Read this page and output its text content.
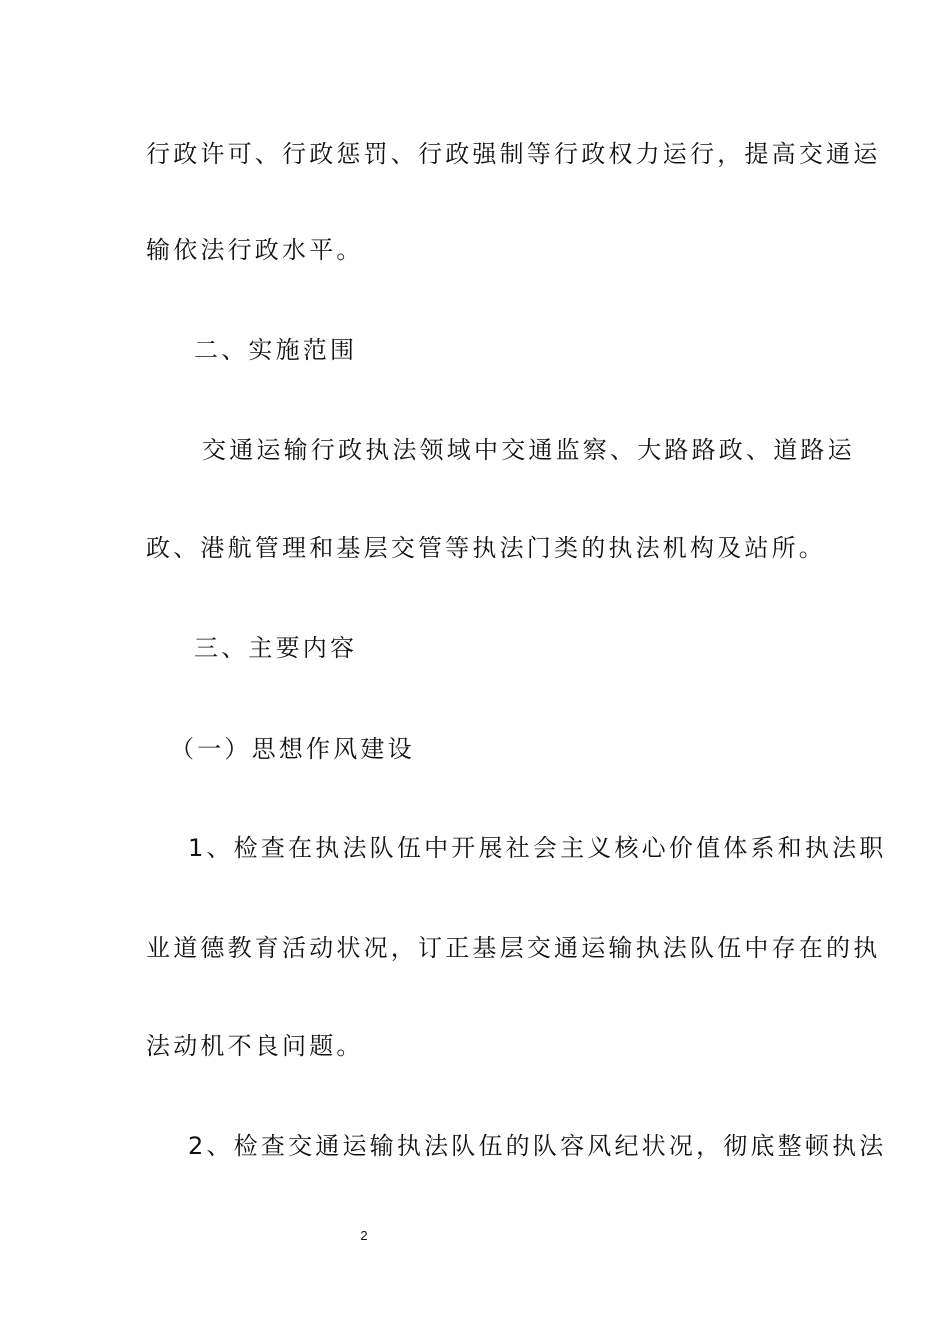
行政许可、行政惩罚、行政强制等行政权力运行，提高交通运
输依法行政水平。
二、实施范围
交通运输行政执法领域中交通监察、大路路政、道路运
政、港航管理和基层交管等执法门类的执法机构及站所。
三、主要内容
（一）思想作风建设
1、检查在执法队伍中开展社会主义核心价值体系和执法职
业道德教育活动状况，订正基层交通运输执法队伍中存在的执
法动机不良问题。
2、检查交通运输执法队伍的队容风纪状况，彻底整顿执法
2
